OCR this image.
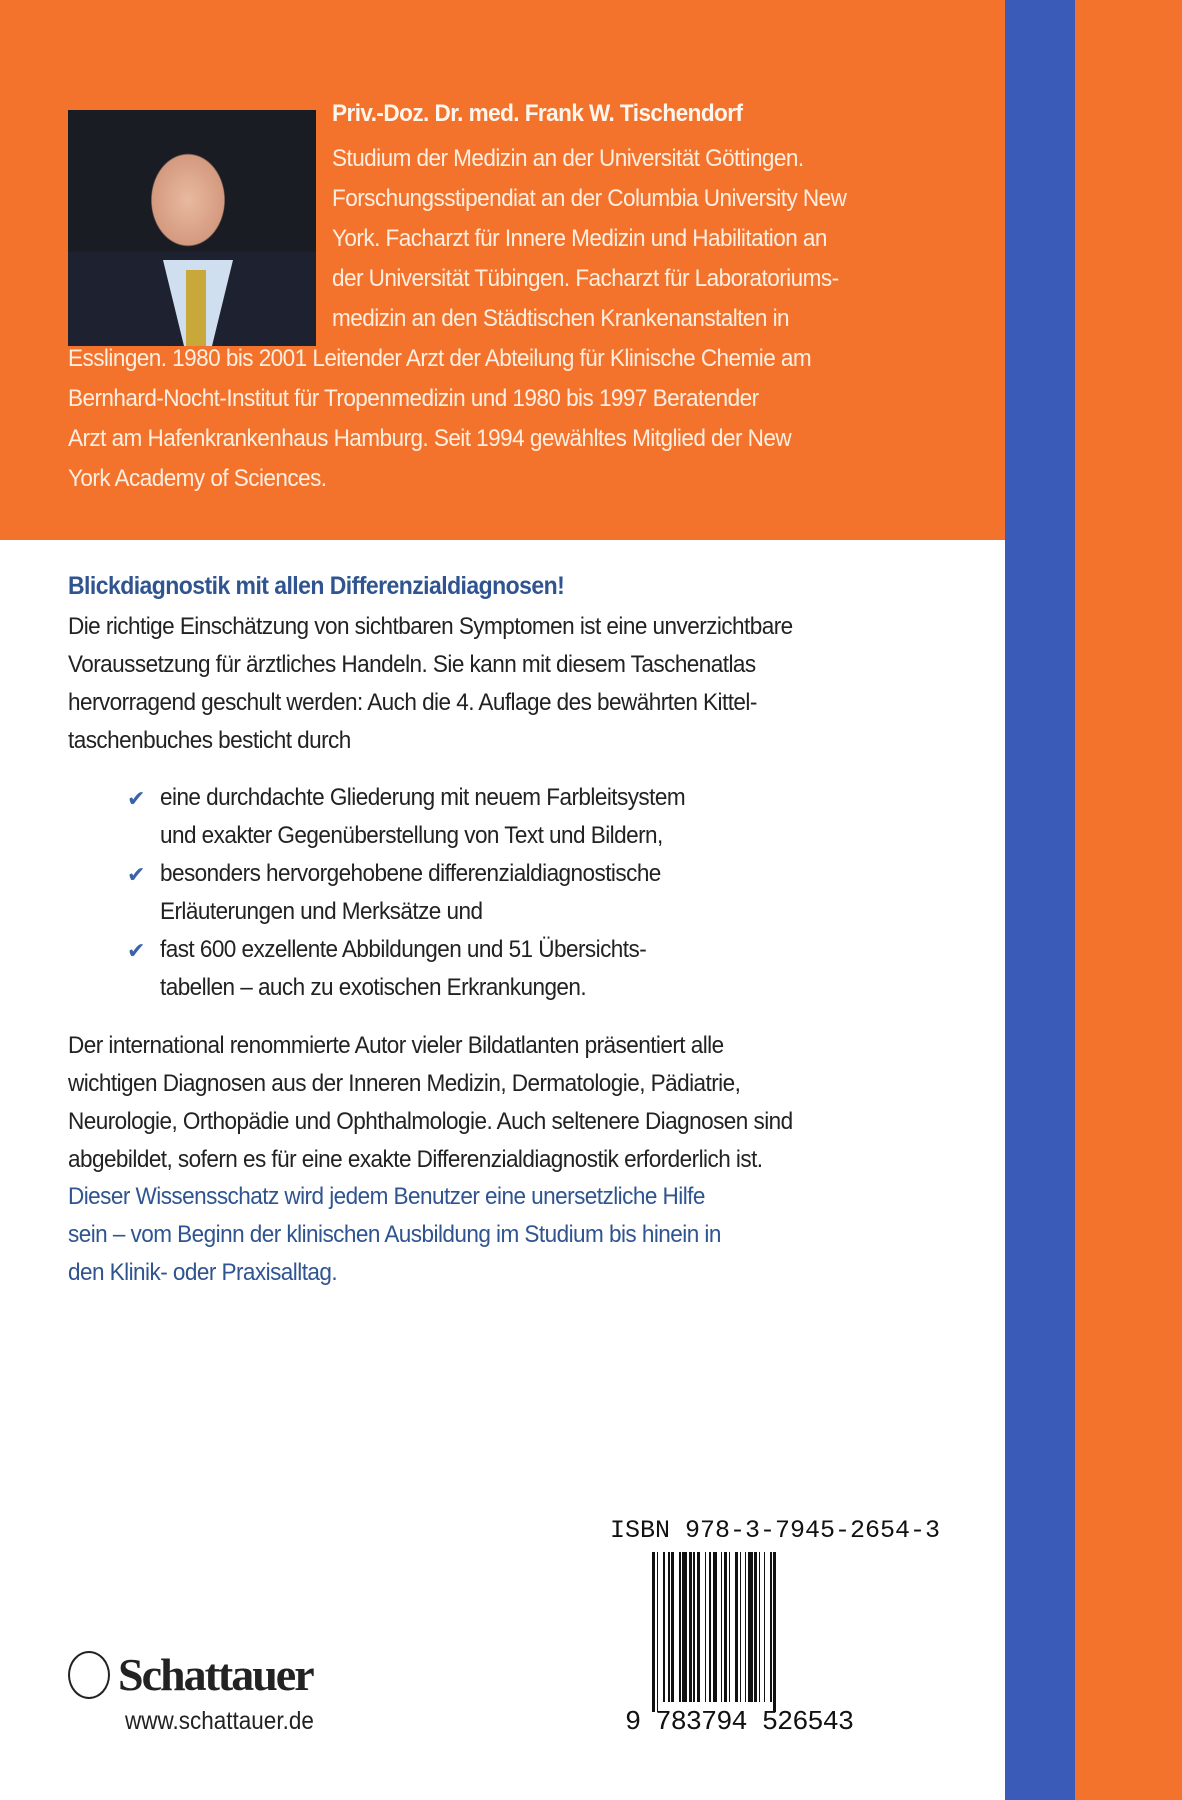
Priv.-Doz. Dr. med. Frank W. Tischendorf
Studium der Medizin an der Universität Göttingen.
Forschungsstipendiat an der Columbia University New
York. Facharzt für Innere Medizin und Habilitation an
der Universität Tübingen. Facharzt für Laboratoriums-
medizin an den Städtischen Krankenanstalten in
Esslingen. 1980 bis 2001 Leitender Arzt der Abteilung für Klinische Chemie am
Bernhard-Nocht-Institut für Tropenmedizin und 1980 bis 1997 Beratender
Arzt am Hafenkrankenhaus Hamburg. Seit 1994 gewähltes Mitglied der New
York Academy of Sciences.
Blickdiagnostik mit allen Differenzialdiagnosen!
Die richtige Einschätzung von sichtbaren Symptomen ist eine unverzichtbare
Voraussetzung für ärztliches Handeln. Sie kann mit diesem Taschenatlas
hervorragend geschult werden: Auch die 4. Auflage des bewährten Kittel-
taschenbuches besticht durch
✔ eine durchdachte Gliederung mit neuem Farbleitsystem
und exakter Gegenüberstellung von Text und Bildern,
✔ besonders hervorgehobene differenzialdiagnostische
Erläuterungen und Merksätze und
✔ fast 600 exzellente Abbildungen und 51 Übersichts-
tabellen – auch zu exotischen Erkrankungen.
Der international renommierte Autor vieler Bildatlanten präsentiert alle
wichtigen Diagnosen aus der Inneren Medizin, Dermatologie, Pädiatrie,
Neurologie, Orthopädie und Ophthalmologie. Auch seltenere Diagnosen sind
abgebildet, sofern es für eine exakte Differenzialdiagnostik erforderlich ist.
Dieser Wissensschatz wird jedem Benutzer eine unersetzliche Hilfe
sein – vom Beginn der klinischen Ausbildung im Studium bis hinein in
den Klinik- oder Praxisalltag.
ISBN 978-3-7945-2654-3
9 783794 526543
Schattauer
www.schattauer.de
